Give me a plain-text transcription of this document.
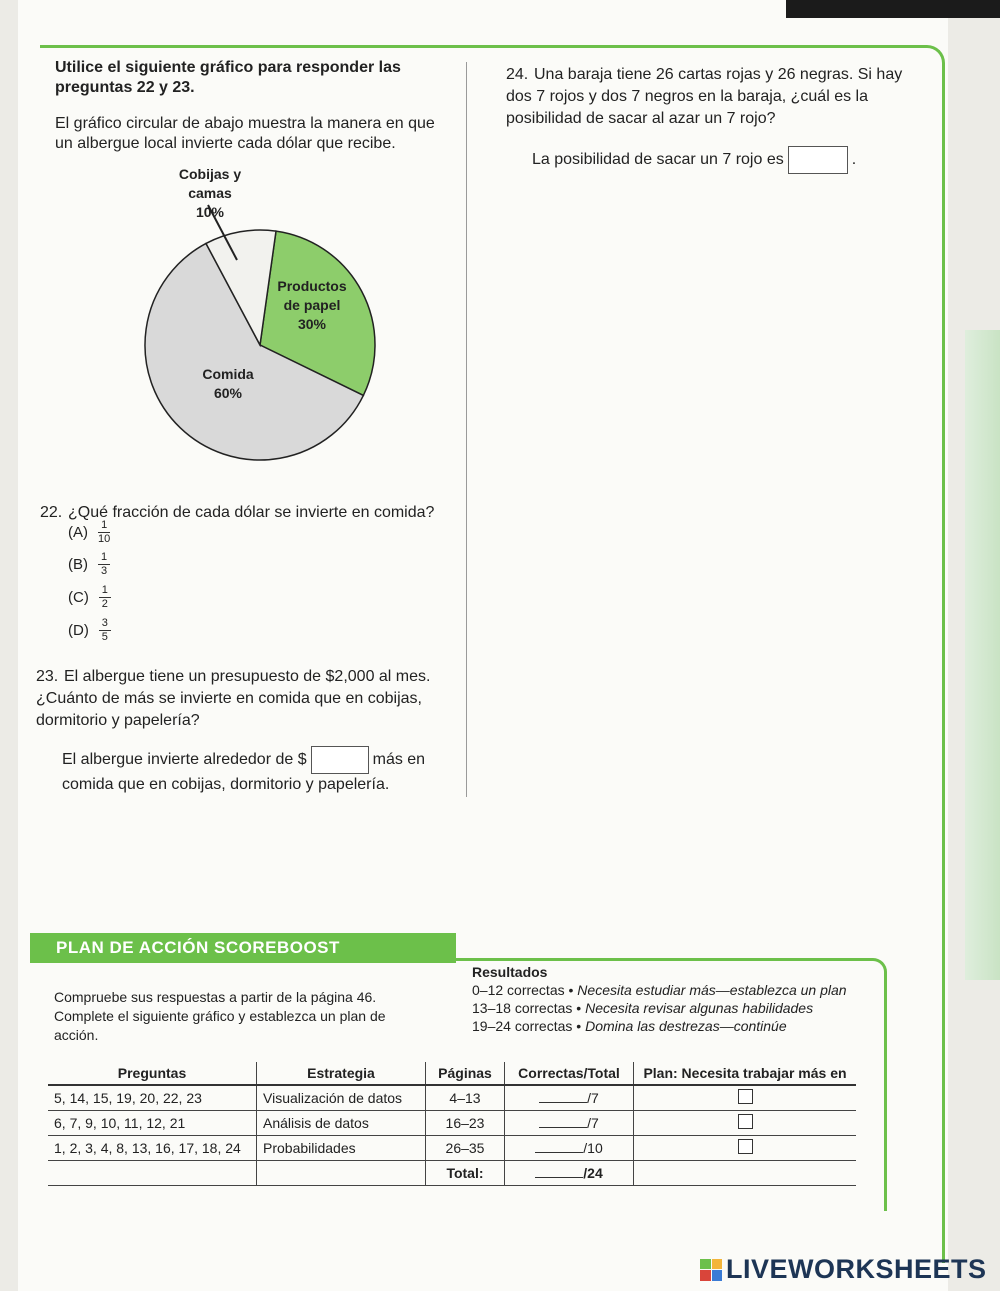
Utilice el siguiente gráfico para responder las preguntas 22 y 23.
El gráfico circular de abajo muestra la manera en que un albergue local invierte cada dólar que recibe.
Productos de papel 30%
Comida 60%
Cobijas y camas 10%
22. ¿Qué fracción de cada dólar se invierte en comida?
$(A) \frac{1}{10}$
$(B) \frac{1}{3}$
$(C) \frac{1}{2}$
$(D) \frac{3}{5}$
23. El albergue tiene un presupuesto de $2,000 al mes. ¿Cuánto de más se invierte en comida que en cobijas, dormitorio y papelería?
El albergue invierte alrededor de $	más en comida que en cobijas, dormitorio y papelería.
24. Una baraja tiene 26 cartas rojas y 26 negras. Si hay dos 7 rojos y dos 7 negros en la baraja, ¿cuál es la posibilidad de sacar al azar un 7 rojo?
La posibilidad de sacar un 7 rojo es	.
PLAN DE ACCIÓN SCOREBOOST
Compruebe sus respuestas a partir de la página 46. Complete el siguiente gráfico y establezca un plan de acción.
Resultados
0–12 correctas • Necesita estudiar más—establezca un plan
13–18 correctas • Necesita revisar algunas habilidades
19–24 correctas • Domina las destrezas—continúe
Preguntas	Estrategia	Páginas	Correctas/Total	Plan: Necesita trabajar más en
5, 14, 15, 19, 20, 22, 23	Visualización de datos	4–13	/7	
6, 7, 9, 10, 11, 12, 21	Análisis de datos	16–23	/7	
1, 2, 3, 4, 8, 13, 16, 17, 18, 24	Probabilidades	26–35	/10	
		Total:	/24	
LIVEWORKSHEETS
